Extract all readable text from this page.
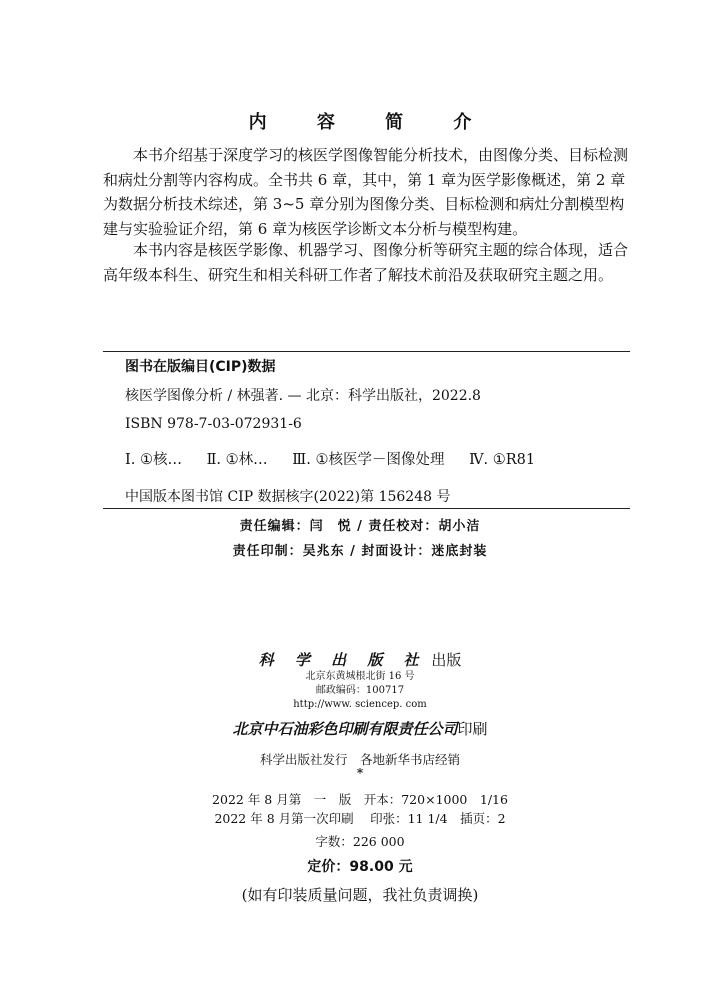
内 容 简 介

本书介绍基于深度学习的核医学图像智能分析技术，由图像分类、目标检测和病灶分割等内容构成。全书共 6 章，其中，第 1 章为医学影像概述，第 2 章为数据分析技术综述，第 3~5 章分别为图像分类、目标检测和病灶分割模型构建与实验验证介绍，第 6 章为核医学诊断文本分析与模型构建。

本书内容是核医学影像、机器学习、图像分析等研究主题的综合体现，适合高年级本科生、研究生和相关科研工作者了解技术前沿及获取研究主题之用。

图书在版编目(CIP)数据
核医学图像分析 / 林强著. — 北京：科学出版社，2022.8
ISBN 978-7-03-072931-6
Ⅰ. ①核… Ⅱ. ①林… Ⅲ. ①核医学－图像处理 Ⅳ. ①R81
中国版本图书馆 CIP 数据核字(2022)第 156248 号
责任编辑：闫　悦 / 责任校对：胡小洁
责任印制：吴兆东 / 封面设计：迷底封装
科 学 出 版 社 出版
北京东黄城根北街 16 号
邮政编码：100717
http://www. sciencep. com
北京中石油彩色印刷有限责任公司印刷
科学出版社发行　各地新华书店经销
*
2022 年 8 月第　一　版　开本：720×1000　1/16
2022 年 8 月第一次印刷　 印张：11 1/4　插页：2
字数：226 000
定价：98.00 元
(如有印装质量问题，我社负责调换)
